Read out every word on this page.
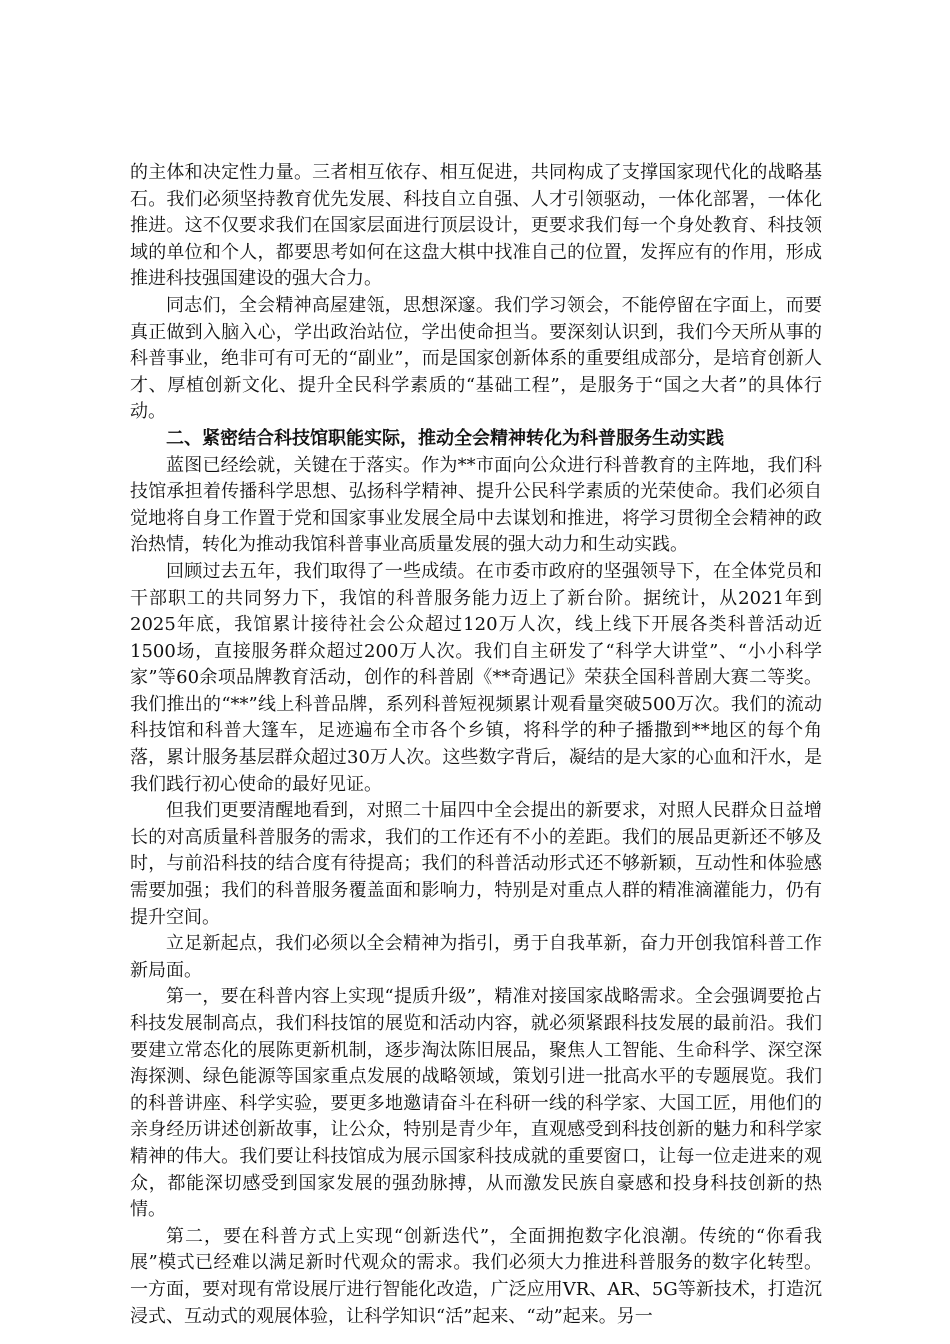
的主体和决定性力量。三者相互依存、相互促进，共同构成了支撑国家现代化的战略基石。我们必须坚持教育优先发展、科技自立自强、人才引领驱动，一体化部署，一体化推进。这不仅要求我们在国家层面进行顶层设计，更要求我们每一个身处教育、科技领域的单位和个人，都要思考如何在这盘大棋中找准自己的位置，发挥应有的作用，形成推进科技强国建设的强大合力。

同志们，全会精神高屋建瓴，思想深邃。我们学习领会，不能停留在字面上，而要真正做到入脑入心，学出政治站位，学出使命担当。要深刻认识到，我们今天所从事的科普事业，绝非可有可无的“副业”，而是国家创新体系的重要组成部分，是培育创新人才、厚植创新文化、提升全民科学素质的“基础工程”，是服务于“国之大者”的具体行动。

二、紧密结合科技馆职能实际，推动全会精神转化为科普服务生动实践

蓝图已经绘就，关键在于落实。作为**市面向公众进行科普教育的主阵地，我们科技馆承担着传播科学思想、弘扬科学精神、提升公民科学素质的光荣使命。我们必须自觉地将自身工作置于党和国家事业发展全局中去谋划和推进，将学习贯彻全会精神的政治热情，转化为推动我馆科普事业高质量发展的强大动力和生动实践。

回顾过去五年，我们取得了一些成绩。在市委市政府的坚强领导下，在全体党员和干部职工的共同努力下，我馆的科普服务能力迈上了新台阶。据统计，从2021年到2025年底，我馆累计接待社会公众超过120万人次，线上线下开展各类科普活动近1500场，直接服务群众超过200万人次。我们自主研发了“科学大讲堂”、“小小科学家”等60余项品牌教育活动，创作的科普剧《**奇遇记》荣获全国科普剧大赛二等奖。我们推出的“**”线上科普品牌，系列科普短视频累计观看量突破500万次。我们的流动科技馆和科普大篷车，足迹遍布全市各个乡镇，将科学的种子播撒到**地区的每个角落，累计服务基层群众超过30万人次。这些数字背后，凝结的是大家的心血和汗水，是我们践行初心使命的最好见证。

但我们更要清醒地看到，对照二十届四中全会提出的新要求，对照人民群众日益增长的对高质量科普服务的需求，我们的工作还有不小的差距。我们的展品更新还不够及时，与前沿科技的结合度有待提高；我们的科普活动形式还不够新颖，互动性和体验感需要加强；我们的科普服务覆盖面和影响力，特别是对重点人群的精准滴灌能力，仍有提升空间。

立足新起点，我们必须以全会精神为指引，勇于自我革新，奋力开创我馆科普工作新局面。

第一，要在科普内容上实现“提质升级”，精准对接国家战略需求。全会强调要抢占科技发展制高点，我们科技馆的展览和活动内容，就必须紧跟科技发展的最前沿。我们要建立常态化的展陈更新机制，逐步淘汰陈旧展品，聚焦人工智能、生命科学、深空深海探测、绿色能源等国家重点发展的战略领域，策划引进一批高水平的专题展览。我们的科普讲座、科学实验，要更多地邀请奋斗在科研一线的科学家、大国工匠，用他们的亲身经历讲述创新故事，让公众，特别是青少年，直观感受到科技创新的魅力和科学家精神的伟大。我们要让科技馆成为展示国家科技成就的重要窗口，让每一位走进来的观众，都能深切感受到国家发展的强劲脉搏，从而激发民族自豪感和投身科技创新的热情。

第二，要在科普方式上实现“创新迭代”，全面拥抱数字化浪潮。传统的“你看我展”模式已经难以满足新时代观众的需求。我们必须大力推进科普服务的数字化转型。一方面，要对现有常设展厅进行智能化改造，广泛应用VR、AR、5G等新技术，打造沉浸式、互动式的观展体验，让科学知识“活”起来、“动”起来。另一
